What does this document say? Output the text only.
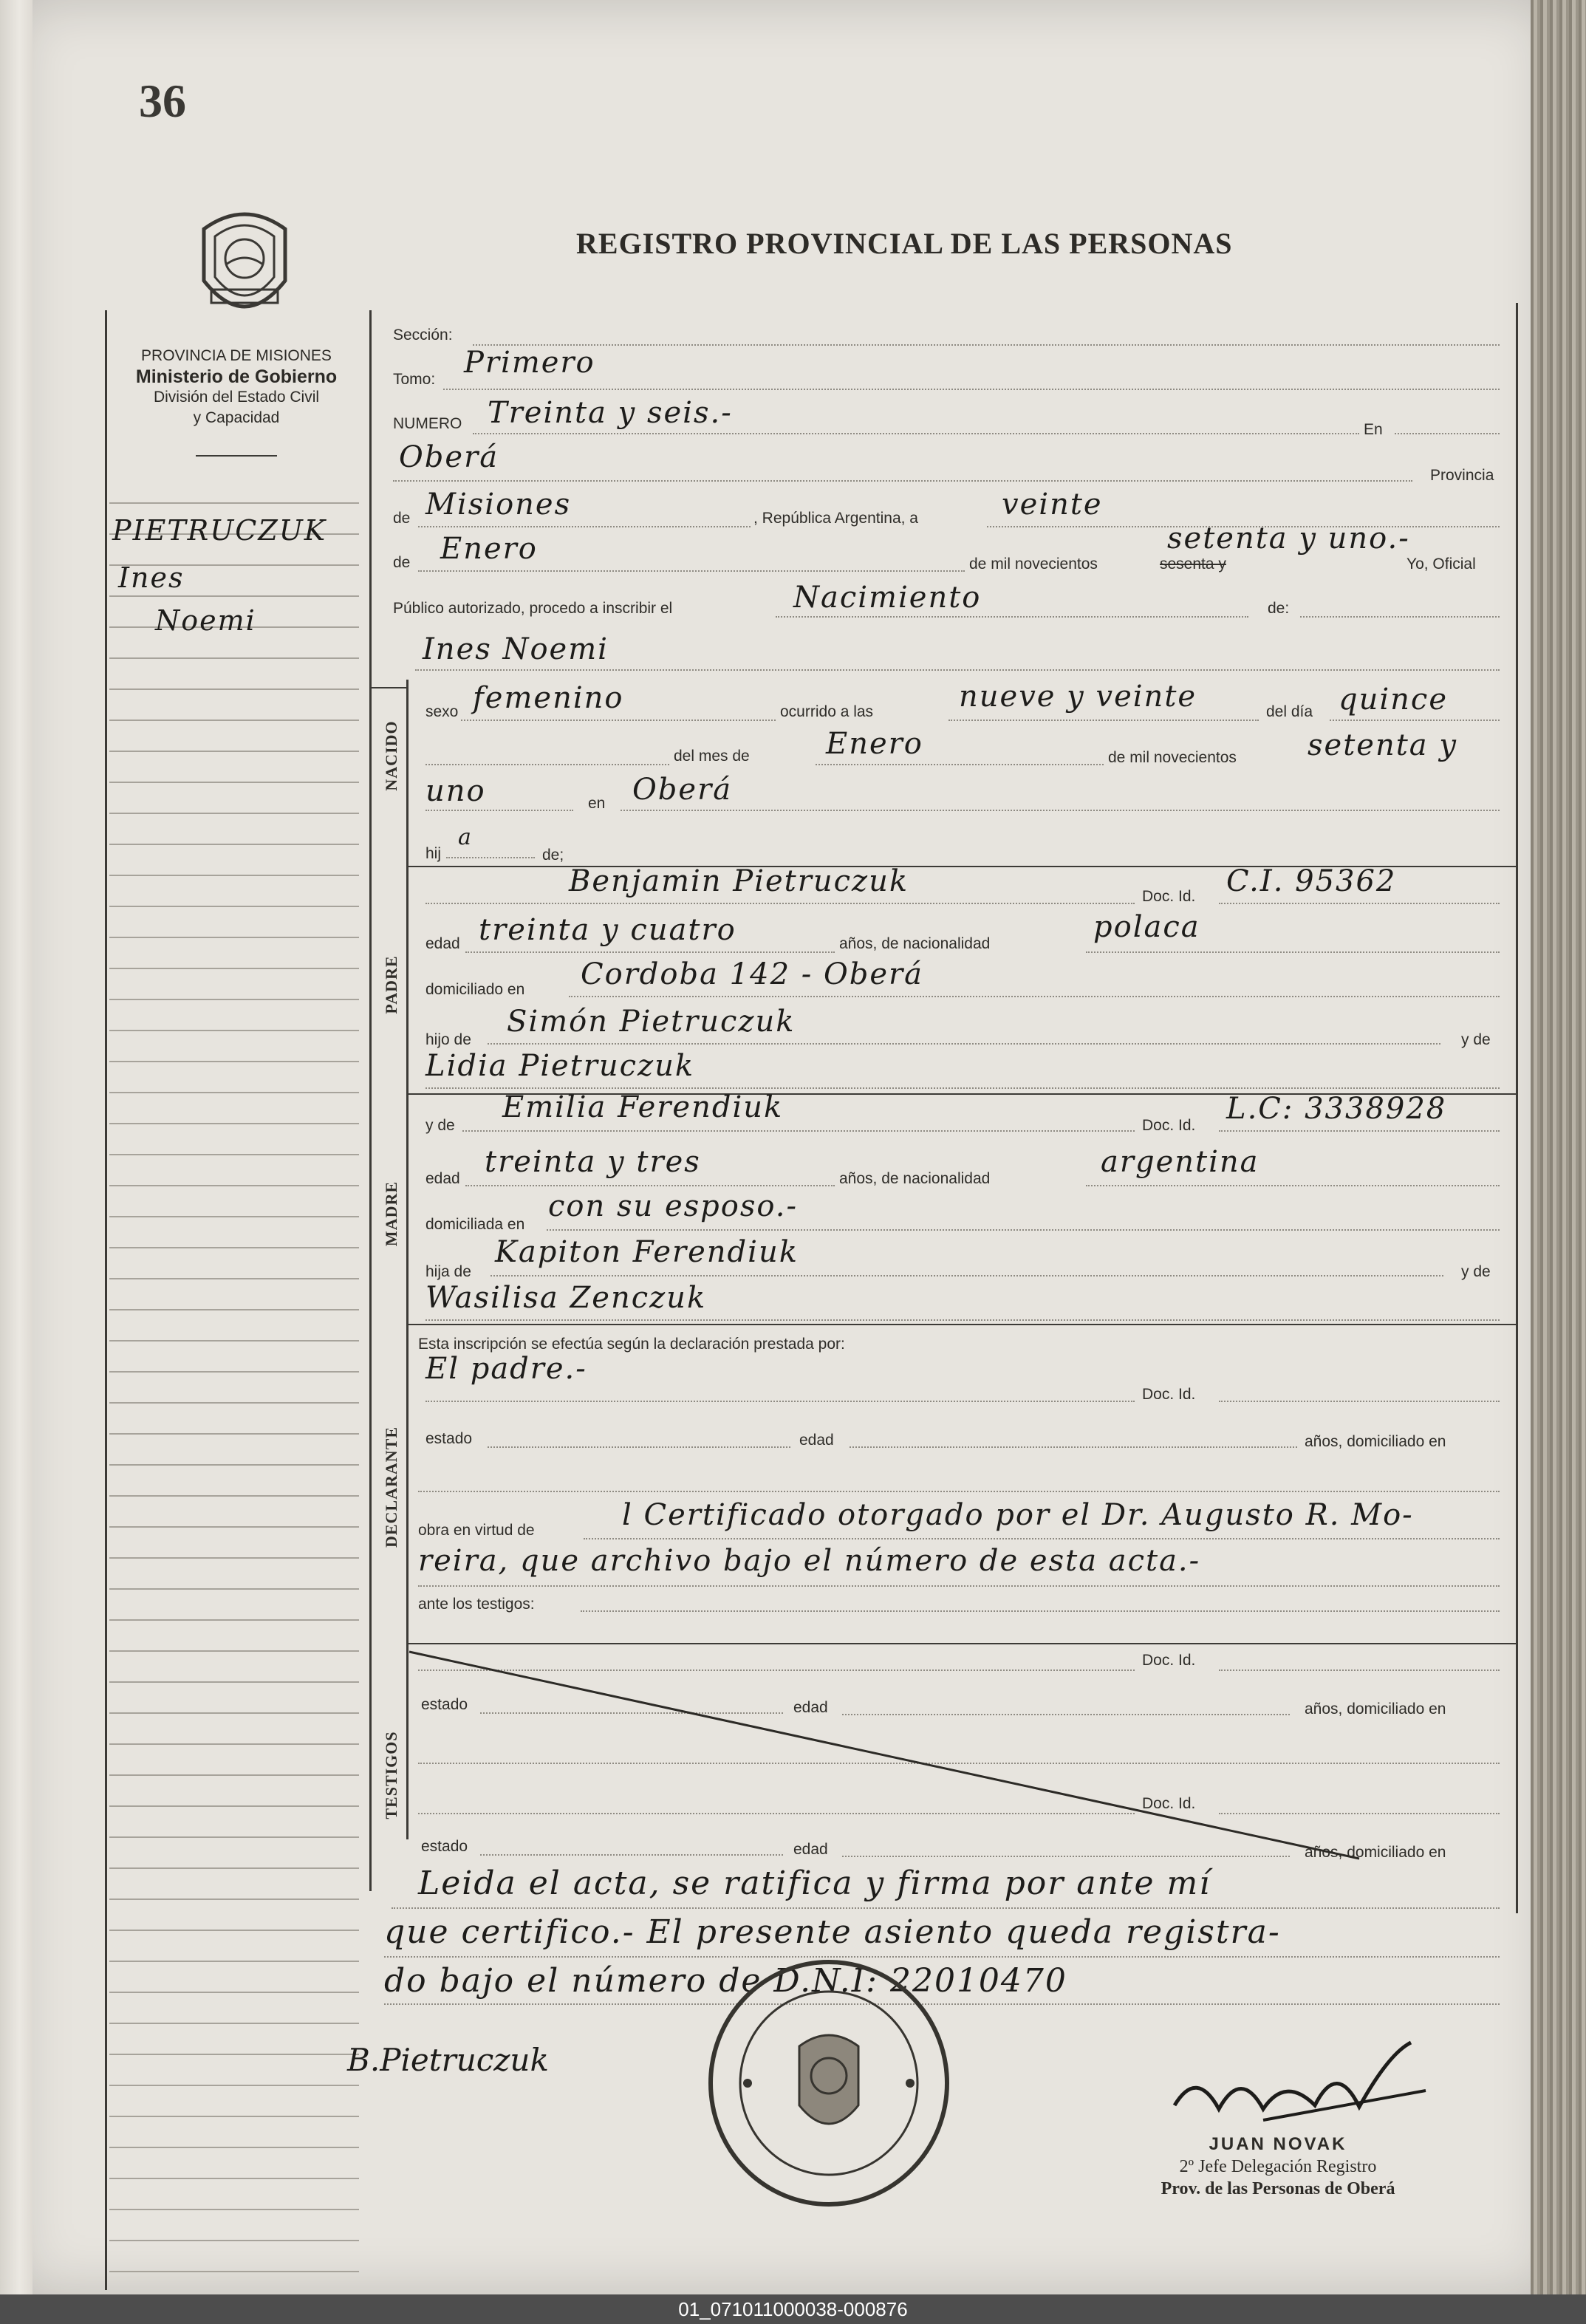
36
REGISTRO PROVINCIAL DE LAS PERSONAS
PROVINCIA DE MISIONES
Ministerio de Gobierno
División del Estado Civil
y Capacidad
PIETRUCZUK
Ines
Noemi
Sección:
Tomo: Primero
NUMERO Treinta y seis.-	En
Oberá
Provincia
de Misiones	, República Argentina, a	veinte
de Enero	de mil novecientos	sesenta y
setenta y uno.-
Yo, Oficial
Público autorizado, procedo a inscribir el	Nacimiento	de:
Ines Noemi
NACIDO
sexo femenino	ocurrido a las	nueve y veinte	del día quince
del mes de	Enero	de mil novecientos setenta y
uno	en Oberá
hij
a
de;
PADRE
Benjamin Pietruczuk	Doc. Id. C.I. 95362
edad treinta y cuatro	años, de nacionalidad	polaca
domiciliado en Cordoba 142 - Oberá
hijo de
Simón Pietruczuk
y de
Lidia Pietruczuk
MADRE
y de
Emilia Ferendiuk
Doc. Id. L.C: 3338928
edad treinta y tres	años, de nacionalidad	argentina
domiciliada en
con su esposo.-
hija de
Kapiton Ferendiuk
y de
Wasilisa Zenczuk
Esta inscripción se efectúa según la declaración prestada por:
DECLARANTE
El padre.-
Doc. Id.
estado	edad	años, domiciliado en
obra en virtud de	l Certificado otorgado por el Dr. Augusto R. Mo-
reira, que archivo bajo el número de esta acta.-
ante los testigos:
TESTIGOS
Doc. Id.
estado	edad	años, domiciliado en
Doc. Id.
estado	edad	años, domiciliado en
Leida el acta, se ratifica y firma por ante mí
que certifico.- El presente asiento queda registra-
do bajo el número de D.N.I: 22010470
B.Pietruczuk
JUAN NOVAK
2º Jefe Delegación Registro
Prov. de las Personas de Oberá
01_071011000038-000876
